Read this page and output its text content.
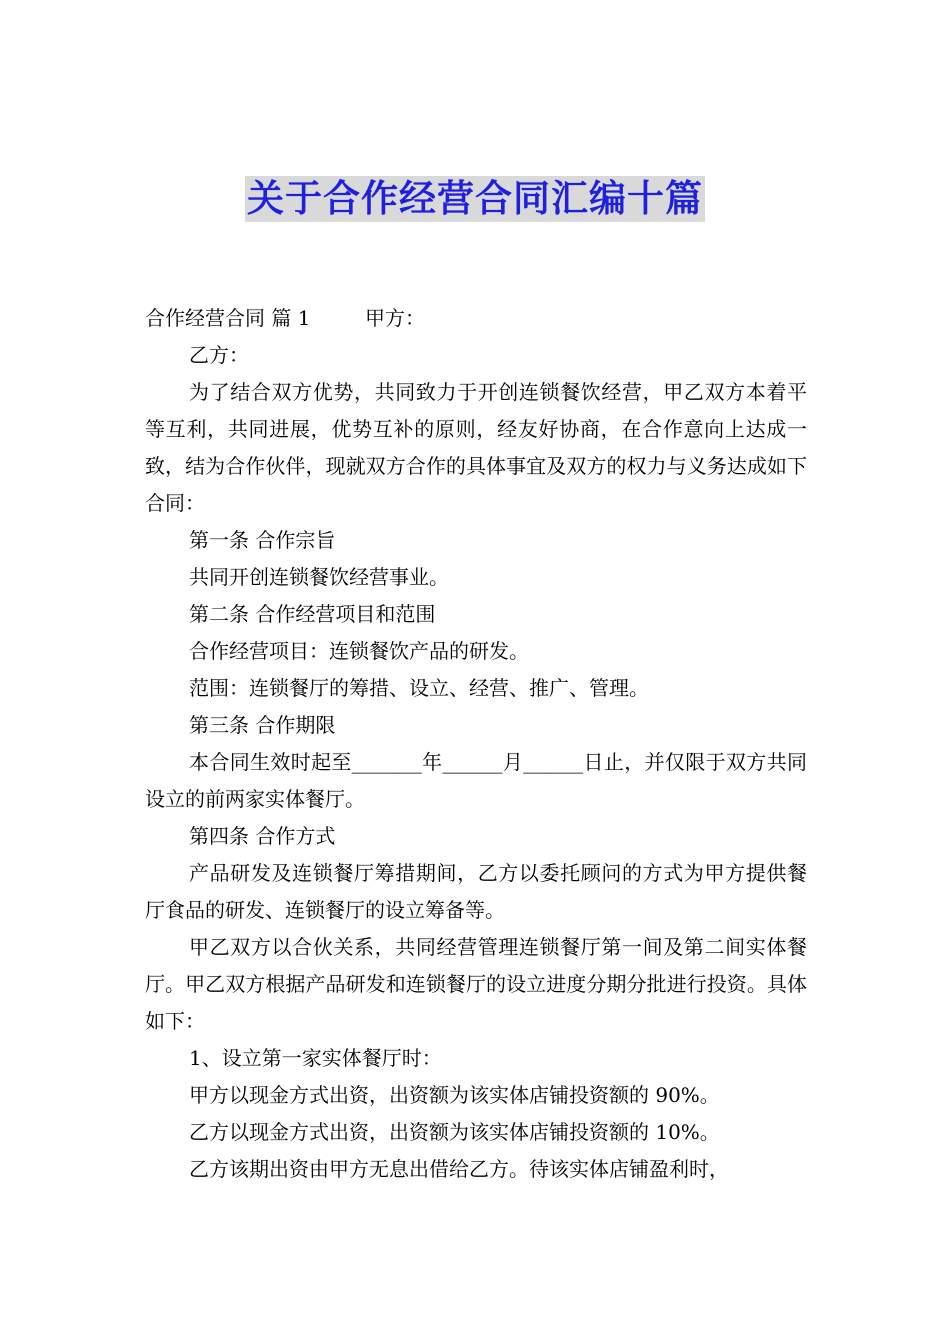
关于合作经营合同汇编十篇

合作经营合同 篇 1	甲方：

乙方：

为了结合双方优势，共同致力于开创连锁餐饮经营，甲乙双方本着平等互利，共同进展，优势互补的原则，经友好协商，在合作意向上达成一致，结为合作伙伴，现就双方合作的具体事宜及双方的权力与义务达成如下合同：

第一条 合作宗旨

共同开创连锁餐饮经营事业。

第二条 合作经营项目和范围

合作经营项目：连锁餐饮产品的研发。

范围：连锁餐厅的筹措、设立、经营、推广、管理。

第三条 合作期限

本合同生效时起至_______年______月______日止，并仅限于双方共同设立的前两家实体餐厅。

第四条 合作方式

产品研发及连锁餐厅筹措期间，乙方以委托顾问的方式为甲方提供餐厅食品的研发、连锁餐厅的设立筹备等。

甲乙双方以合伙关系，共同经营管理连锁餐厅第一间及第二间实体餐厅。甲乙双方根据产品研发和连锁餐厅的设立进度分期分批进行投资。具体如下：

1、设立第一家实体餐厅时：

甲方以现金方式出资，出资额为该实体店铺投资额的 90%。

乙方以现金方式出资，出资额为该实体店铺投资额的 10%。

乙方该期出资由甲方无息出借给乙方。待该实体店铺盈利时，
